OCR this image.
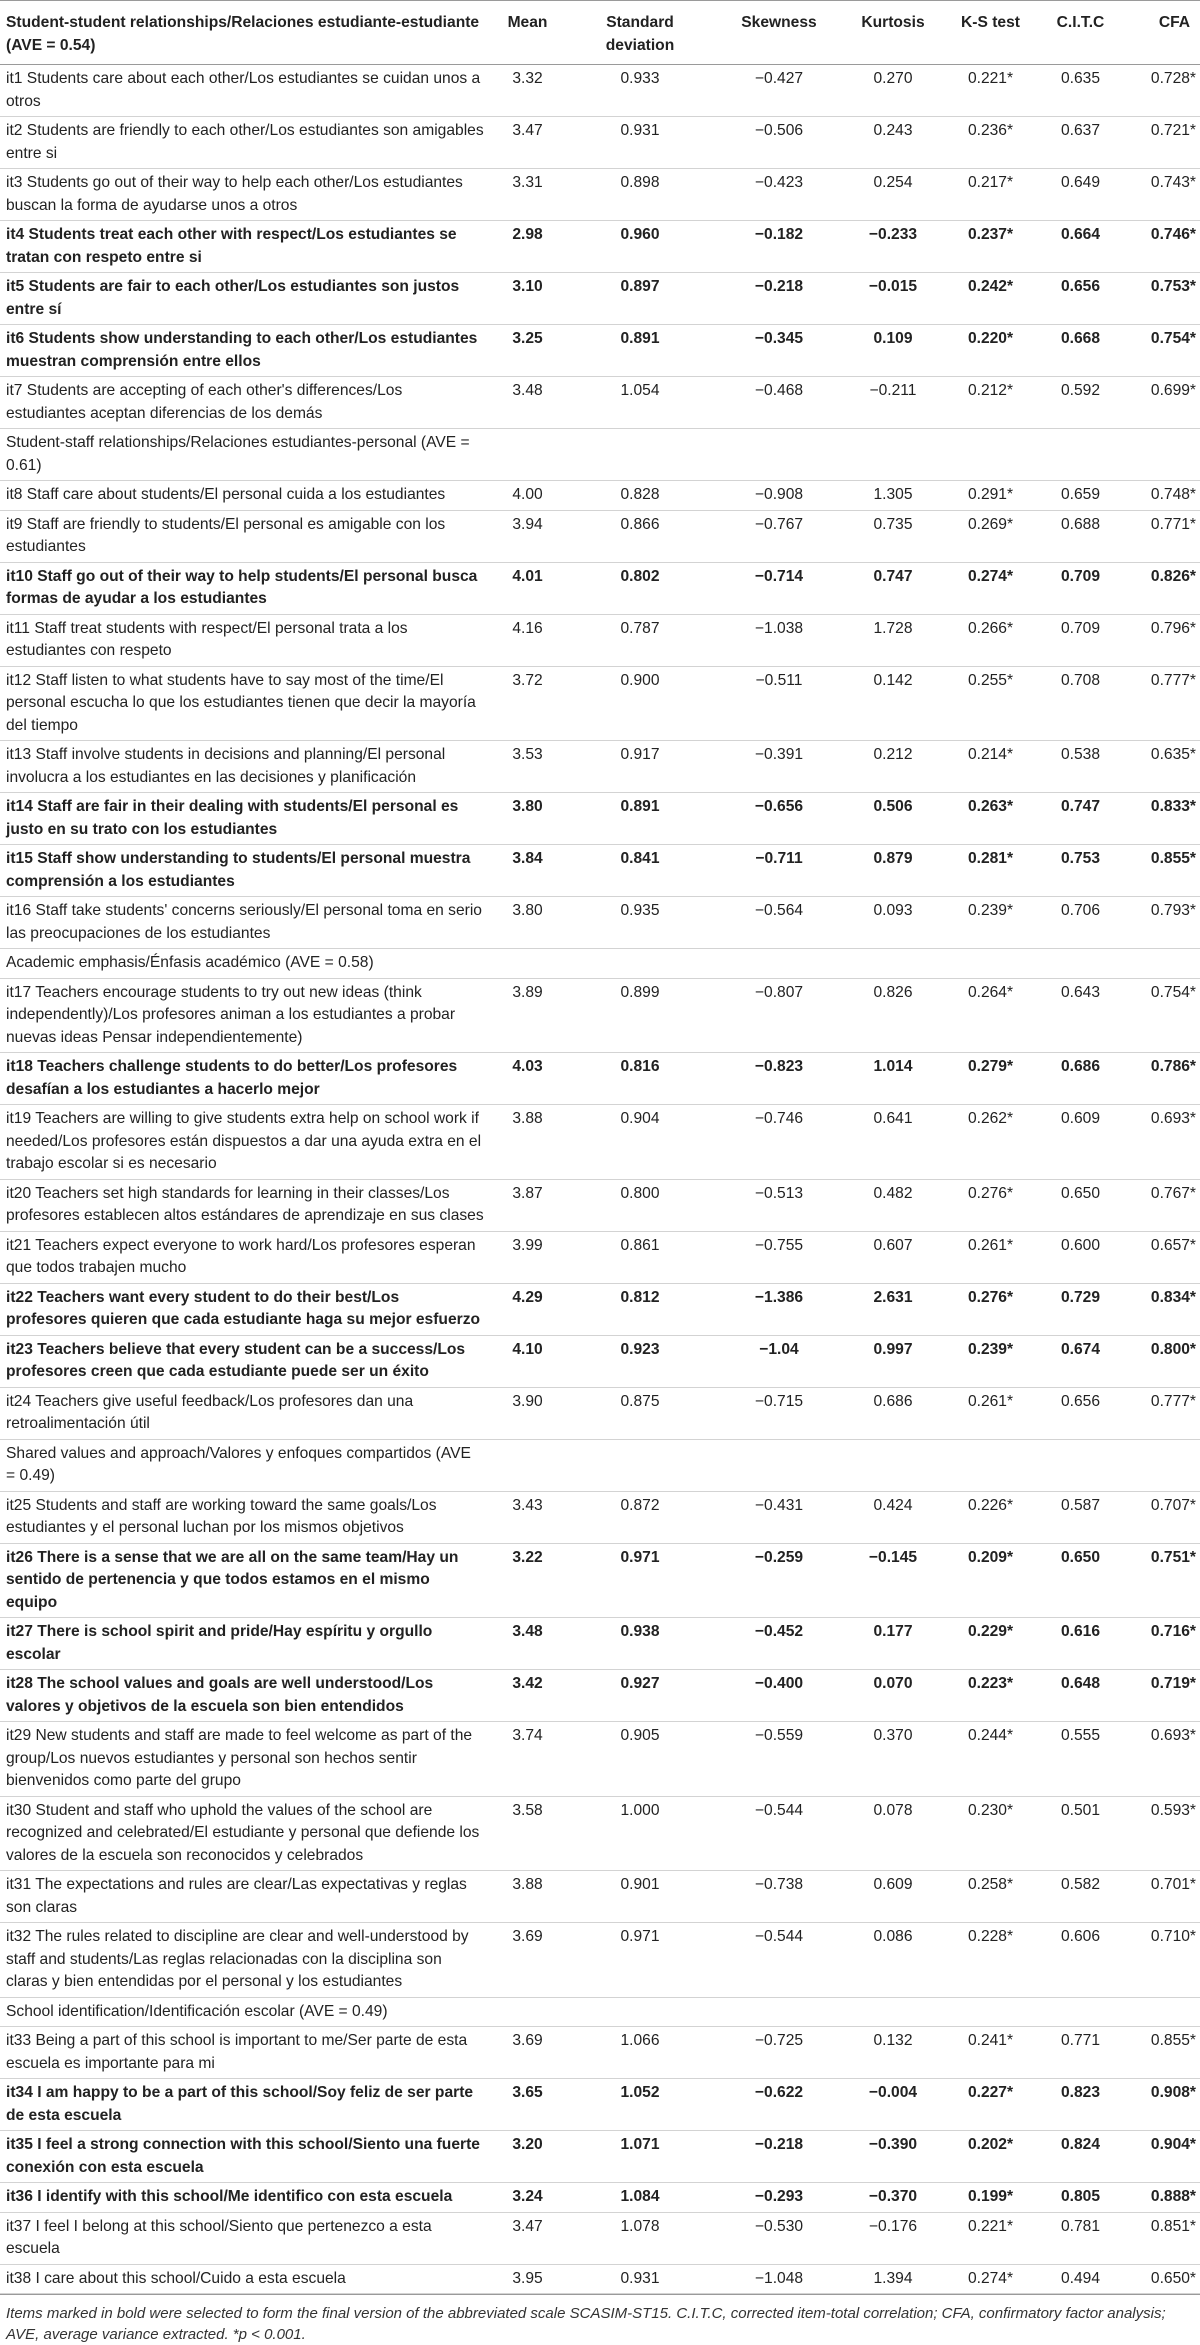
Student-student relationships/Relaciones estudiante-estudiante (AVE = 0.54)	Mean	Standard deviation	Skewness	Kurtosis	K-S test	C.I.T.C	CFA
it1 Students care about each other/Los estudiantes se cuidan unos a otros	3.32	0.933	−0.427	0.270	0.221*	0.635	0.728*
it2 Students are friendly to each other/Los estudiantes son amigables entre si	3.47	0.931	−0.506	0.243	0.236*	0.637	0.721*
it3 Students go out of their way to help each other/Los estudiantes buscan la forma de ayudarse unos a otros	3.31	0.898	−0.423	0.254	0.217*	0.649	0.743*
it4 Students treat each other with respect/Los estudiantes se tratan con respeto entre si	2.98	0.960	−0.182	−0.233	0.237*	0.664	0.746*
it5 Students are fair to each other/Los estudiantes son justos entre sí	3.10	0.897	−0.218	−0.015	0.242*	0.656	0.753*
it6 Students show understanding to each other/Los estudiantes muestran comprensión entre ellos	3.25	0.891	−0.345	0.109	0.220*	0.668	0.754*
it7 Students are accepting of each other's differences/Los estudiantes aceptan diferencias de los demás	3.48	1.054	−0.468	−0.211	0.212*	0.592	0.699*
Student-staff relationships/Relaciones estudiantes-personal (AVE = 0.61)							
it8 Staff care about students/El personal cuida a los estudiantes	4.00	0.828	−0.908	1.305	0.291*	0.659	0.748*
it9 Staff are friendly to students/El personal es amigable con los estudiantes	3.94	0.866	−0.767	0.735	0.269*	0.688	0.771*
it10 Staff go out of their way to help students/El personal busca formas de ayudar a los estudiantes	4.01	0.802	−0.714	0.747	0.274*	0.709	0.826*
it11 Staff treat students with respect/El personal trata a los estudiantes con respeto	4.16	0.787	−1.038	1.728	0.266*	0.709	0.796*
it12 Staff listen to what students have to say most of the time/El personal escucha lo que los estudiantes tienen que decir la mayoría del tiempo	3.72	0.900	−0.511	0.142	0.255*	0.708	0.777*
it13 Staff involve students in decisions and planning/El personal involucra a los estudiantes en las decisiones y planificación	3.53	0.917	−0.391	0.212	0.214*	0.538	0.635*
it14 Staff are fair in their dealing with students/El personal es justo en su trato con los estudiantes	3.80	0.891	−0.656	0.506	0.263*	0.747	0.833*
it15 Staff show understanding to students/El personal muestra comprensión a los estudiantes	3.84	0.841	−0.711	0.879	0.281*	0.753	0.855*
it16 Staff take students' concerns seriously/El personal toma en serio las preocupaciones de los estudiantes	3.80	0.935	−0.564	0.093	0.239*	0.706	0.793*
Academic emphasis/Énfasis académico (AVE = 0.58)							
it17 Teachers encourage students to try out new ideas (think independently)/Los profesores animan a los estudiantes a probar nuevas ideas Pensar independientemente)	3.89	0.899	−0.807	0.826	0.264*	0.643	0.754*
it18 Teachers challenge students to do better/Los profesores desafían a los estudiantes a hacerlo mejor	4.03	0.816	−0.823	1.014	0.279*	0.686	0.786*
it19 Teachers are willing to give students extra help on school work if needed/Los profesores están dispuestos a dar una ayuda extra en el trabajo escolar si es necesario	3.88	0.904	−0.746	0.641	0.262*	0.609	0.693*
it20 Teachers set high standards for learning in their classes/Los profesores establecen altos estándares de aprendizaje en sus clases	3.87	0.800	−0.513	0.482	0.276*	0.650	0.767*
it21 Teachers expect everyone to work hard/Los profesores esperan que todos trabajen mucho	3.99	0.861	−0.755	0.607	0.261*	0.600	0.657*
it22 Teachers want every student to do their best/Los profesores quieren que cada estudiante haga su mejor esfuerzo	4.29	0.812	−1.386	2.631	0.276*	0.729	0.834*
it23 Teachers believe that every student can be a success/Los profesores creen que cada estudiante puede ser un éxito	4.10	0.923	−1.04	0.997	0.239*	0.674	0.800*
it24 Teachers give useful feedback/Los profesores dan una retroalimentación útil	3.90	0.875	−0.715	0.686	0.261*	0.656	0.777*
Shared values and approach/Valores y enfoques compartidos (AVE = 0.49)							
it25 Students and staff are working toward the same goals/Los estudiantes y el personal luchan por los mismos objetivos	3.43	0.872	−0.431	0.424	0.226*	0.587	0.707*
it26 There is a sense that we are all on the same team/Hay un sentido de pertenencia y que todos estamos en el mismo equipo	3.22	0.971	−0.259	−0.145	0.209*	0.650	0.751*
it27 There is school spirit and pride/Hay espíritu y orgullo escolar	3.48	0.938	−0.452	0.177	0.229*	0.616	0.716*
it28 The school values and goals are well understood/Los valores y objetivos de la escuela son bien entendidos	3.42	0.927	−0.400	0.070	0.223*	0.648	0.719*
it29 New students and staff are made to feel welcome as part of the group/Los nuevos estudiantes y personal son hechos sentir bienvenidos como parte del grupo	3.74	0.905	−0.559	0.370	0.244*	0.555	0.693*
it30 Student and staff who uphold the values of the school are recognized and celebrated/El estudiante y personal que defiende los valores de la escuela son reconocidos y celebrados	3.58	1.000	−0.544	0.078	0.230*	0.501	0.593*
it31 The expectations and rules are clear/Las expectativas y reglas son claras	3.88	0.901	−0.738	0.609	0.258*	0.582	0.701*
it32 The rules related to discipline are clear and well-understood by staff and students/Las reglas relacionadas con la disciplina son claras y bien entendidas por el personal y los estudiantes	3.69	0.971	−0.544	0.086	0.228*	0.606	0.710*
School identification/Identificación escolar (AVE = 0.49)							
it33 Being a part of this school is important to me/Ser parte de esta escuela es importante para mi	3.69	1.066	−0.725	0.132	0.241*	0.771	0.855*
it34 I am happy to be a part of this school/Soy feliz de ser parte de esta escuela	3.65	1.052	−0.622	−0.004	0.227*	0.823	0.908*
it35 I feel a strong connection with this school/Siento una fuerte conexión con esta escuela	3.20	1.071	−0.218	−0.390	0.202*	0.824	0.904*
it36 I identify with this school/Me identifico con esta escuela	3.24	1.084	−0.293	−0.370	0.199*	0.805	0.888*
it37 I feel I belong at this school/Siento que pertenezco a esta escuela	3.47	1.078	−0.530	−0.176	0.221*	0.781	0.851*
it38 I care about this school/Cuido a esta escuela	3.95	0.931	−1.048	1.394	0.274*	0.494	0.650*
Items marked in bold were selected to form the final version of the abbreviated scale SCASIM-ST15. C.I.T.C, corrected item-total correlation; CFA, confirmatory factor analysis; AVE, average variance extracted. *p < 0.001.
